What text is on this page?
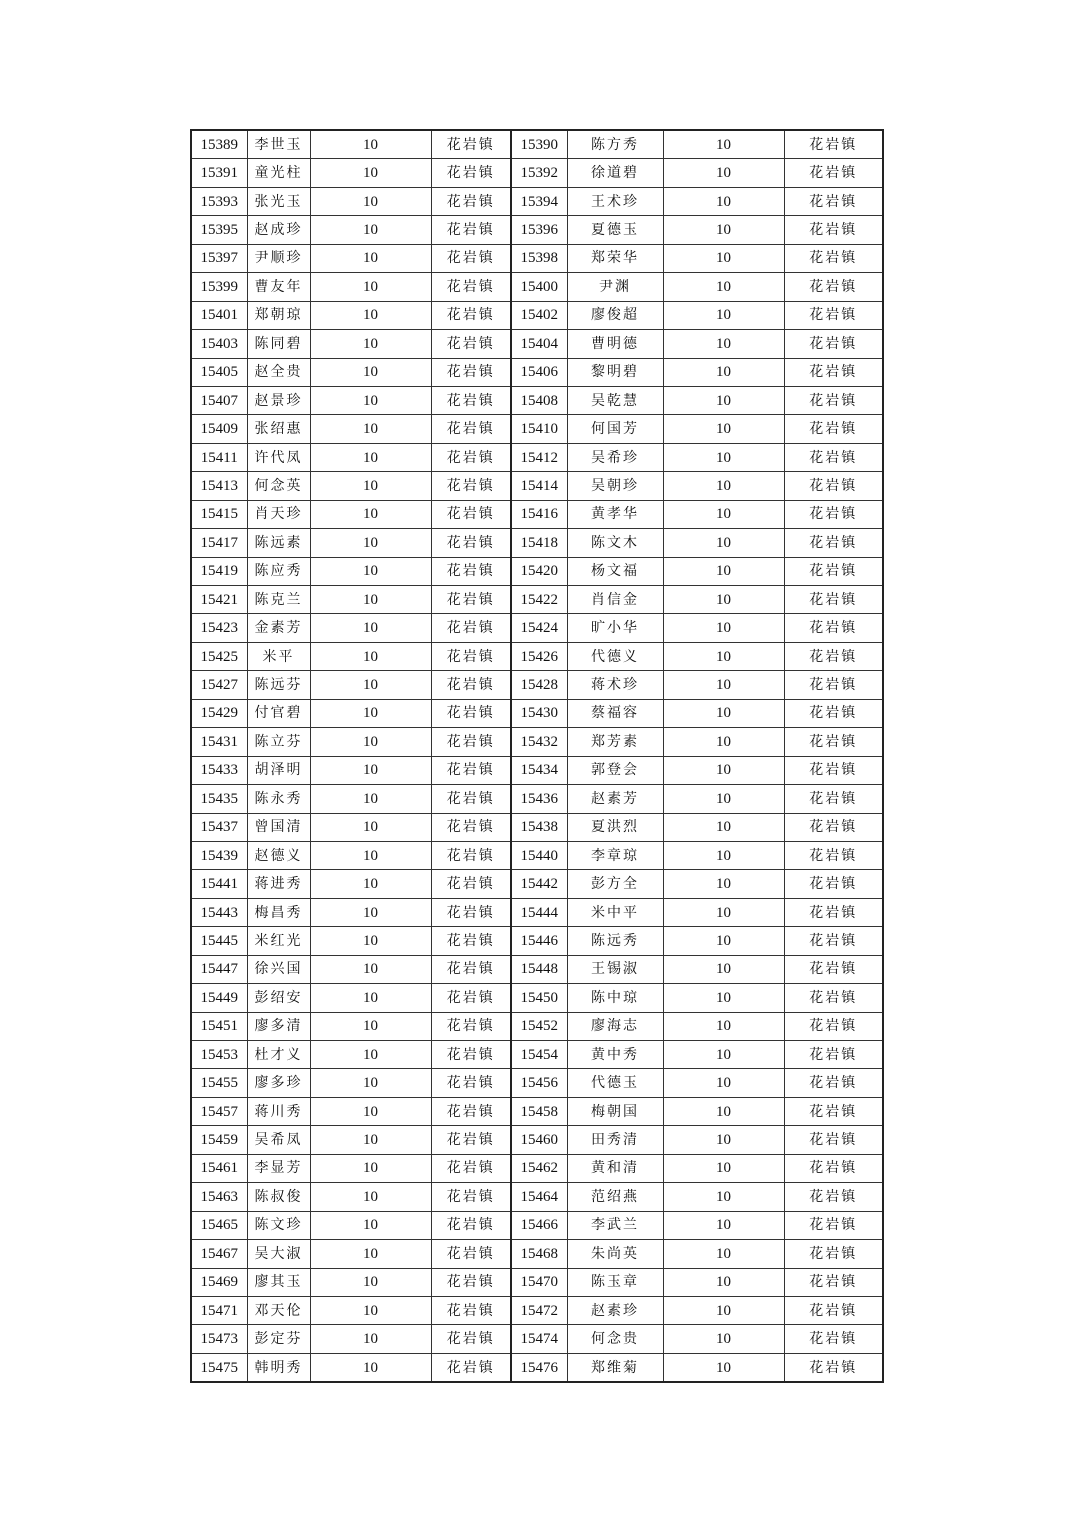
15389	李世玉	10	花岩镇	15390	陈方秀	10	花岩镇
15391	童光柱	10	花岩镇	15392	徐道碧	10	花岩镇
15393	张光玉	10	花岩镇	15394	王术珍	10	花岩镇
15395	赵成珍	10	花岩镇	15396	夏德玉	10	花岩镇
15397	尹顺珍	10	花岩镇	15398	郑荣华	10	花岩镇
15399	曹友年	10	花岩镇	15400	尹渊	10	花岩镇
15401	郑朝琼	10	花岩镇	15402	廖俊超	10	花岩镇
15403	陈同碧	10	花岩镇	15404	曹明德	10	花岩镇
15405	赵全贵	10	花岩镇	15406	黎明碧	10	花岩镇
15407	赵景珍	10	花岩镇	15408	吴乾慧	10	花岩镇
15409	张绍惠	10	花岩镇	15410	何国芳	10	花岩镇
15411	许代凤	10	花岩镇	15412	吴希珍	10	花岩镇
15413	何念英	10	花岩镇	15414	吴朝珍	10	花岩镇
15415	肖天珍	10	花岩镇	15416	黄孝华	10	花岩镇
15417	陈远素	10	花岩镇	15418	陈文木	10	花岩镇
15419	陈应秀	10	花岩镇	15420	杨文福	10	花岩镇
15421	陈克兰	10	花岩镇	15422	肖信金	10	花岩镇
15423	金素芳	10	花岩镇	15424	旷小华	10	花岩镇
15425	米平	10	花岩镇	15426	代德义	10	花岩镇
15427	陈远芬	10	花岩镇	15428	蒋术珍	10	花岩镇
15429	付官碧	10	花岩镇	15430	蔡福容	10	花岩镇
15431	陈立芬	10	花岩镇	15432	郑芳素	10	花岩镇
15433	胡泽明	10	花岩镇	15434	郭登会	10	花岩镇
15435	陈永秀	10	花岩镇	15436	赵素芳	10	花岩镇
15437	曾国清	10	花岩镇	15438	夏洪烈	10	花岩镇
15439	赵德义	10	花岩镇	15440	李章琼	10	花岩镇
15441	蒋进秀	10	花岩镇	15442	彭方全	10	花岩镇
15443	梅昌秀	10	花岩镇	15444	米中平	10	花岩镇
15445	米红光	10	花岩镇	15446	陈远秀	10	花岩镇
15447	徐兴国	10	花岩镇	15448	王锡淑	10	花岩镇
15449	彭绍安	10	花岩镇	15450	陈中琼	10	花岩镇
15451	廖多清	10	花岩镇	15452	廖海志	10	花岩镇
15453	杜才义	10	花岩镇	15454	黄中秀	10	花岩镇
15455	廖多珍	10	花岩镇	15456	代德玉	10	花岩镇
15457	蒋川秀	10	花岩镇	15458	梅朝国	10	花岩镇
15459	吴希凤	10	花岩镇	15460	田秀清	10	花岩镇
15461	李显芳	10	花岩镇	15462	黄和清	10	花岩镇
15463	陈叔俊	10	花岩镇	15464	范绍燕	10	花岩镇
15465	陈文珍	10	花岩镇	15466	李武兰	10	花岩镇
15467	吴大淑	10	花岩镇	15468	朱尚英	10	花岩镇
15469	廖其玉	10	花岩镇	15470	陈玉章	10	花岩镇
15471	邓天伦	10	花岩镇	15472	赵素珍	10	花岩镇
15473	彭定芬	10	花岩镇	15474	何念贵	10	花岩镇
15475	韩明秀	10	花岩镇	15476	郑维菊	10	花岩镇
